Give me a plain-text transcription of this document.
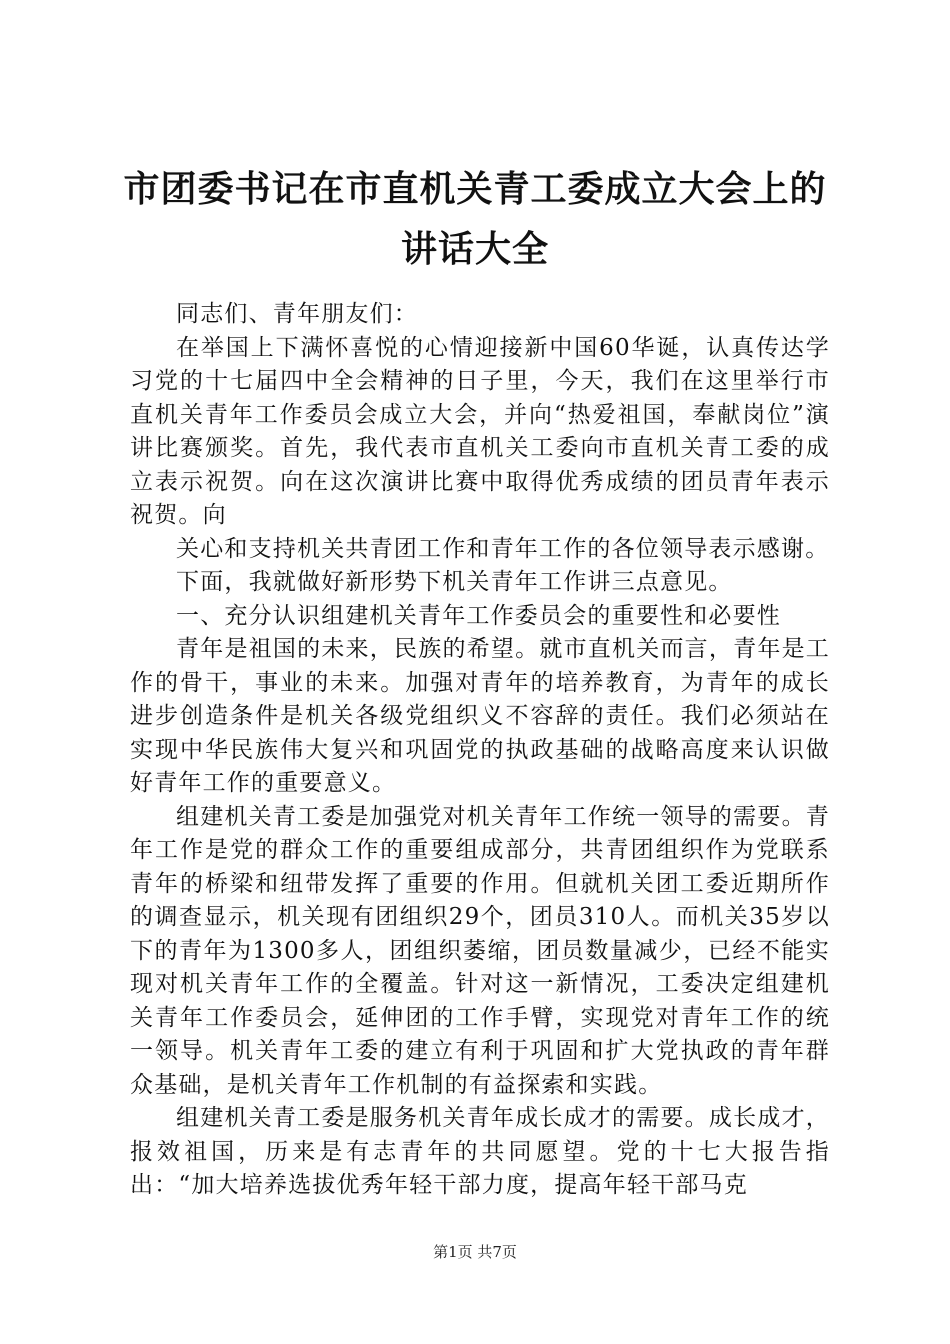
市团委书记在市直机关青工委成立大会上的讲话大全

同志们、青年朋友们：

在举国上下满怀喜悦的心情迎接新中国60华诞，认真传达学习党的十七届四中全会精神的日子里，今天，我们在这里举行市直机关青年工作委员会成立大会，并向“热爱祖国，奉献岗位”演讲比赛颁奖。首先，我代表市直机关工委向市直机关青工委的成立表示祝贺。向在这次演讲比赛中取得优秀成绩的团员青年表示祝贺。向

关心和支持机关共青团工作和青年工作的各位领导表示感谢。

下面，我就做好新形势下机关青年工作讲三点意见。

一、充分认识组建机关青年工作委员会的重要性和必要性

青年是祖国的未来，民族的希望。就市直机关而言，青年是工作的骨干，事业的未来。加强对青年的培养教育，为青年的成长进步创造条件是机关各级党组织义不容辞的责任。我们必须站在实现中华民族伟大复兴和巩固党的执政基础的战略高度来认识做好青年工作的重要意义。

组建机关青工委是加强党对机关青年工作统一领导的需要。青年工作是党的群众工作的重要组成部分，共青团组织作为党联系青年的桥梁和纽带发挥了重要的作用。但就机关团工委近期所作的调查显示，机关现有团组织29个，团员310人。而机关35岁以下的青年为1300多人，团组织萎缩，团员数量减少，已经不能实现对机关青年工作的全覆盖。针对这一新情况，工委决定组建机关青年工作委员会，延伸团的工作手臂，实现党对青年工作的统一领导。机关青年工委的建立有利于巩固和扩大党执政的青年群众基础，是机关青年工作机制的有益探索和实践。

组建机关青工委是服务机关青年成长成才的需要。成长成才，报效祖国，历来是有志青年的共同愿望。党的十七大报告指出：“加大培养选拔优秀年轻干部力度，提高年轻干部马克

第1页 共7页
